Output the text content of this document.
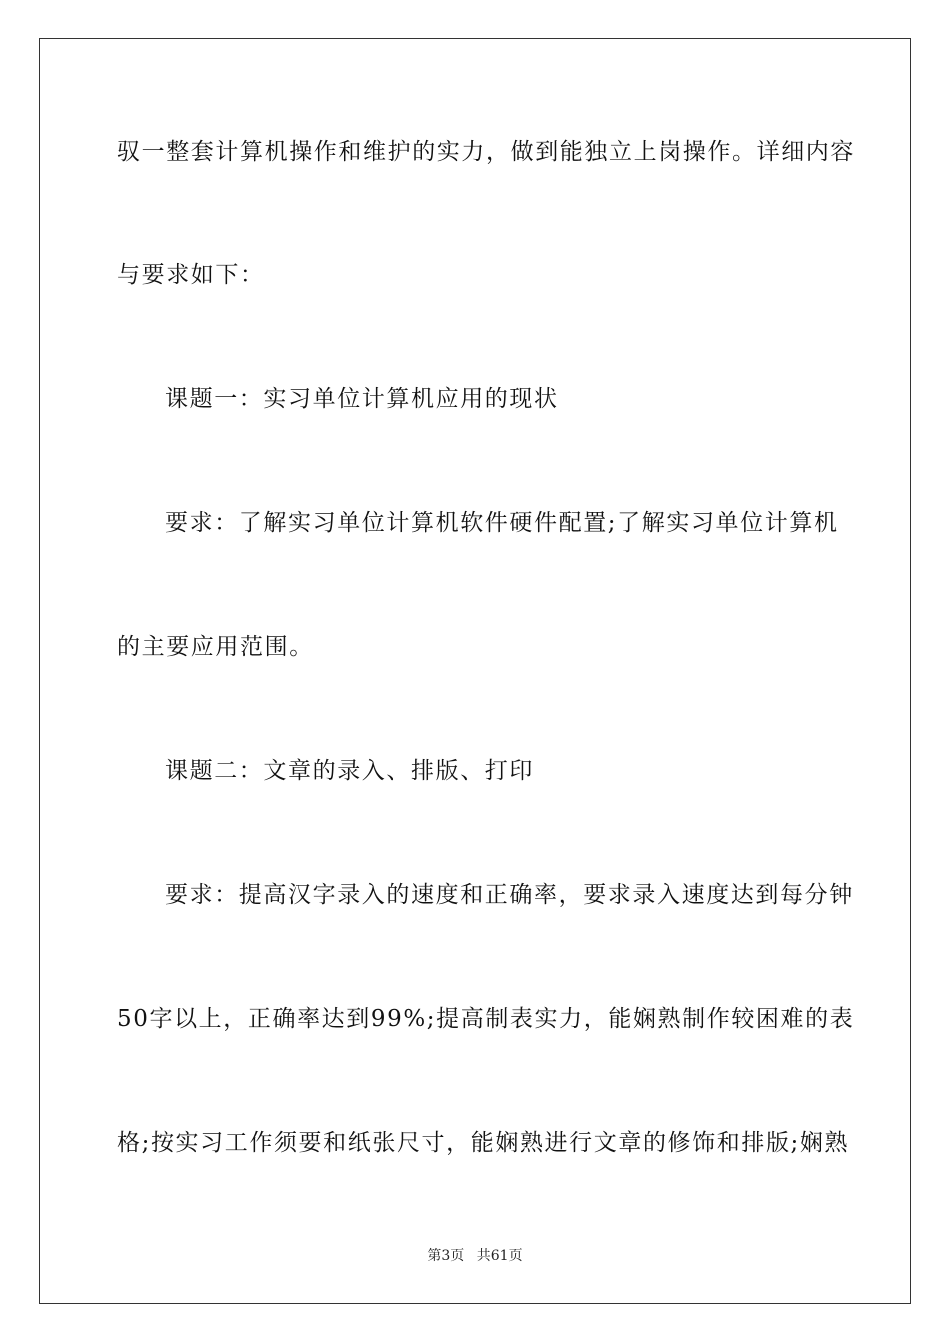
驭一整套计算机操作和维护的实力，做到能独立上岗操作。详细内容
与要求如下：
课题一：实习单位计算机应用的现状
要求：了解实习单位计算机软件硬件配置;了解实习单位计算机
的主要应用范围。
课题二：文章的录入、排版、打印
要求：提高汉字录入的速度和正确率，要求录入速度达到每分钟
50字以上，正确率达到99%;提高制表实力，能娴熟制作较困难的表
格;按实习工作须要和纸张尺寸，能娴熟进行文章的修饰和排版;娴熟
第3页 共61页
